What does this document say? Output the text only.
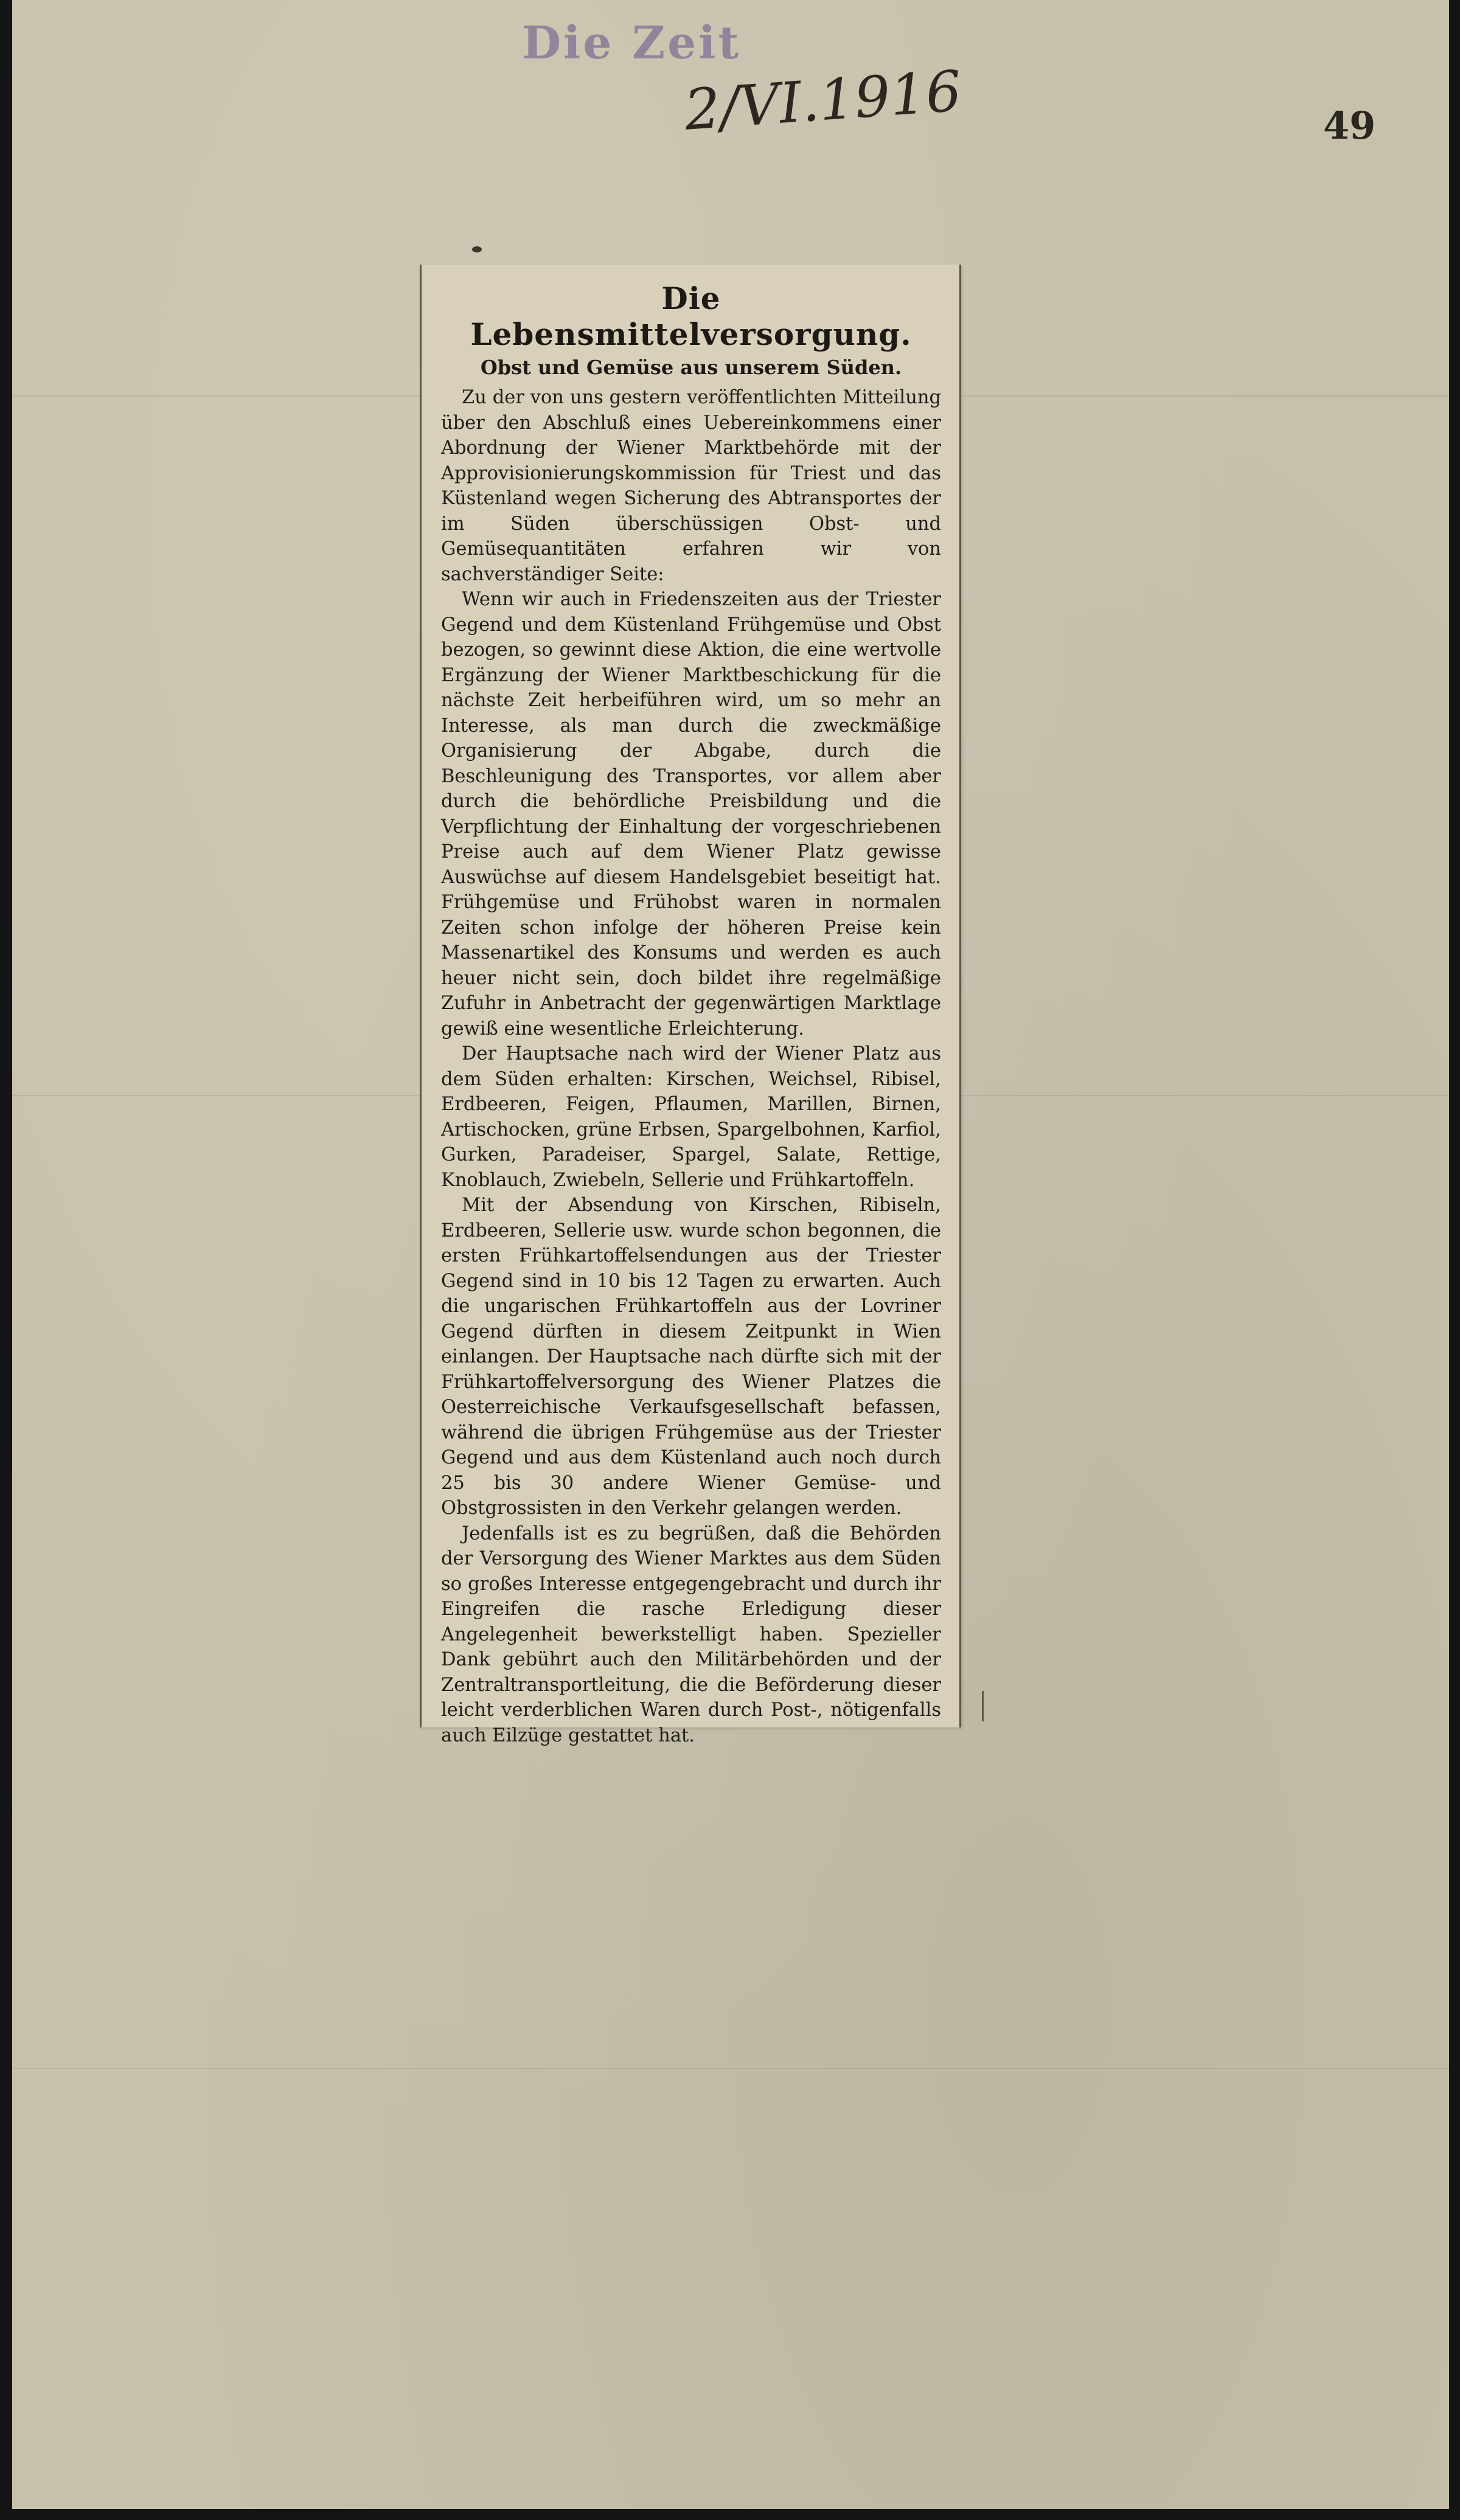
Die Zeit
2/VI.1916	49
Die Lebensmittelversorgung.
Obst und Gemüse aus unserem Süden.

Zu der von uns gestern veröffentlichten Mitteilung über den Abschluß eines Uebereinkommens einer Abordnung der Wiener Marktbehörde mit der Approvisionierungskommission für Triest und das Küstenland wegen Sicherung des Abtransportes der im Süden überschüssigen Obst- und Gemüsequantitäten erfahren wir von sachverständiger Seite:

Wenn wir auch in Friedenszeiten aus der Triester Gegend und dem Küstenland Frühgemüse und Obst bezogen, so gewinnt diese Aktion, die eine wertvolle Ergänzung der Wiener Marktbeschickung für die nächste Zeit herbeiführen wird, um so mehr an Interesse, als man durch die zweckmäßige Organisierung der Abgabe, durch die Beschleunigung des Transportes, vor allem aber durch die behördliche Preisbildung und die Verpflichtung der Einhaltung der vorgeschriebenen Preise auch auf dem Wiener Platz gewisse Auswüchse auf diesem Handelsgebiet beseitigt hat. Frühgemüse und Frühobst waren in normalen Zeiten schon infolge der höheren Preise kein Massenartikel des Konsums und werden es auch heuer nicht sein, doch bildet ihre regelmäßige Zufuhr in Anbetracht der gegenwärtigen Marktlage gewiß eine wesentliche Erleichterung.

Der Hauptsache nach wird der Wiener Platz aus dem Süden erhalten: Kirschen, Weichsel, Ribisel, Erdbeeren, Feigen, Pflaumen, Marillen, Birnen, Artischocken, grüne Erbsen, Spargelbohnen, Karfiol, Gurken, Paradeiser, Spargel, Salate, Rettige, Knoblauch, Zwiebeln, Sellerie und Frühkartoffeln.

Mit der Absendung von Kirschen, Ribiseln, Erdbeeren, Sellerie usw. wurde schon begonnen, die ersten Frühkartoffelsendungen aus der Triester Gegend sind in 10 bis 12 Tagen zu erwarten. Auch die ungarischen Frühkartoffeln aus der Lovriner Gegend dürften in diesem Zeitpunkt in Wien einlangen. Der Hauptsache nach dürfte sich mit der Frühkartoffelversorgung des Wiener Platzes die Oesterreichische Verkaufsgesellschaft befassen, während die übrigen Frühgemüse aus der Triester Gegend und aus dem Küstenland auch noch durch 25 bis 30 andere Wiener Gemüse- und Obstgrossisten in den Verkehr gelangen werden.

Jedenfalls ist es zu begrüßen, daß die Behörden der Versorgung des Wiener Marktes aus dem Süden so großes Interesse entgegengebracht und durch ihr Eingreifen die rasche Erledigung dieser Angelegenheit bewerkstelligt haben. Spezieller Dank gebührt auch den Militärbehörden und der Zentraltransportleitung, die die Beförderung dieser leicht verderblichen Waren durch Post-, nötigenfalls auch Eilzüge gestattet hat.
